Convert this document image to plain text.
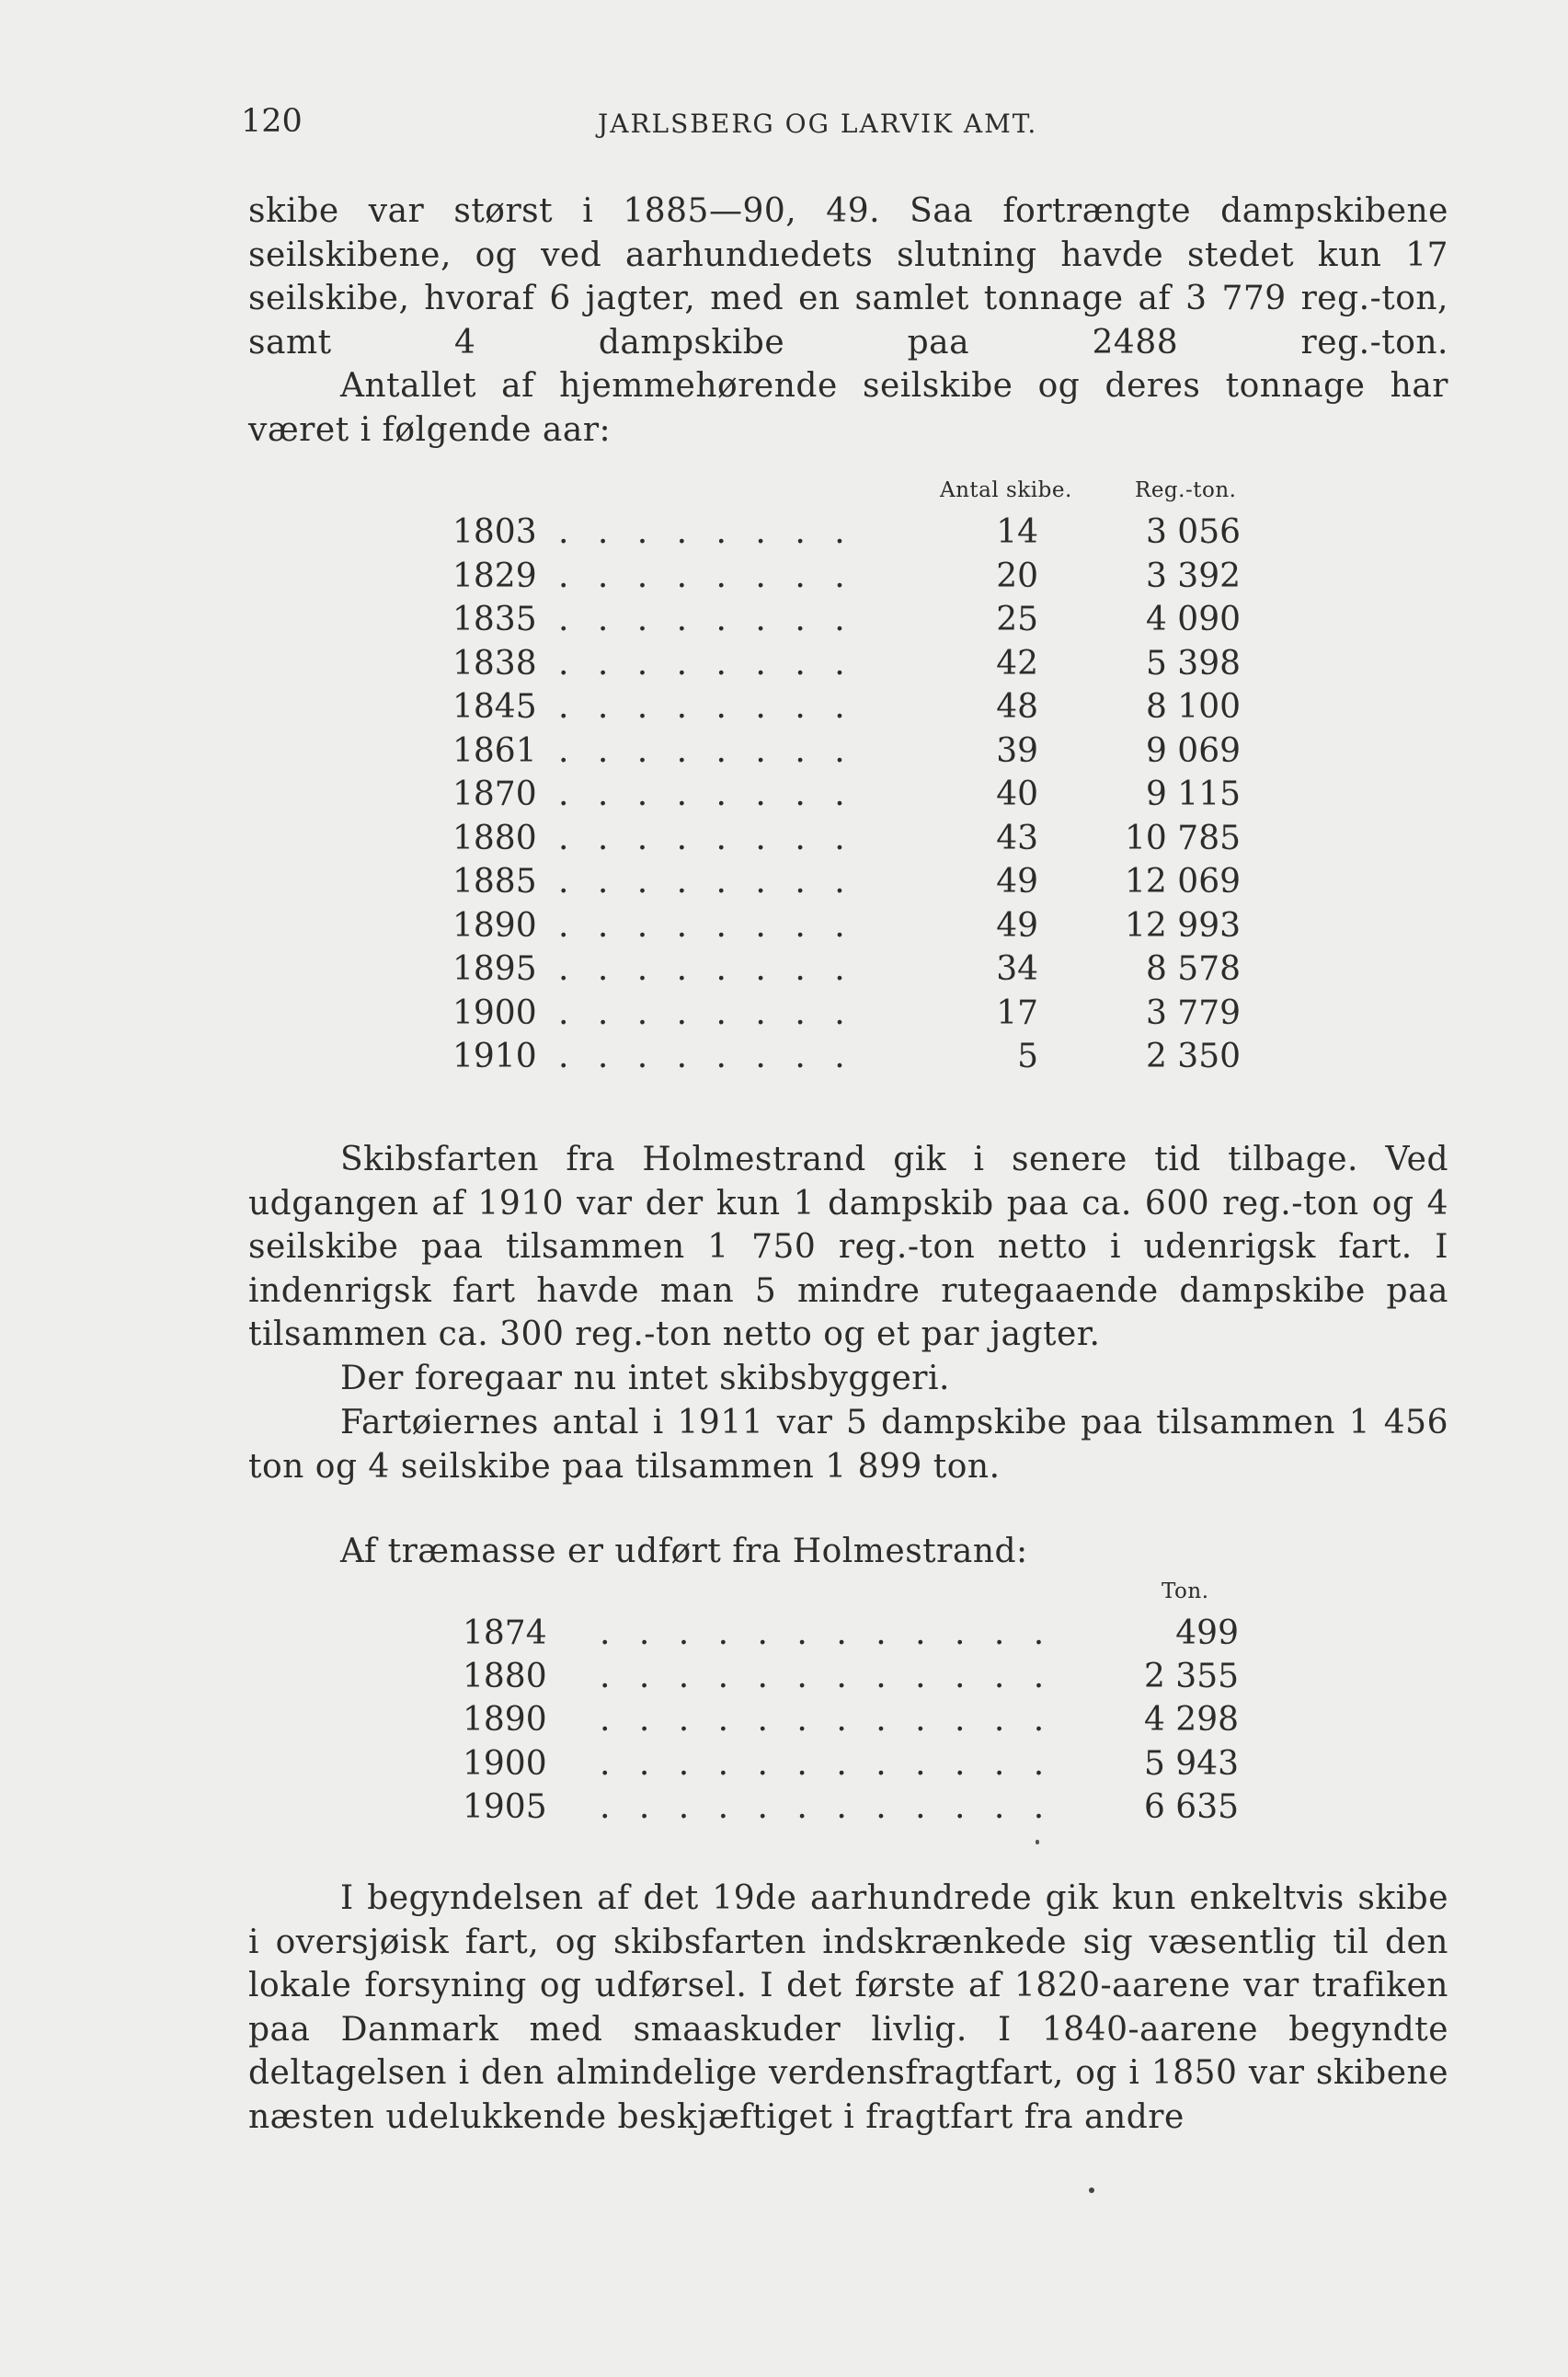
120	JARLSBERG OG LARVIK AMT.

skibe var størst i 1885—90, 49. Saa fortrængte dampskibene seilskibene, og ved aarhundıedets slutning havde stedet kun 17 seilskibe, hvoraf 6 jagter, med en samlet tonnage af 3 779 reg.-ton, samt 4 dampskibe paa 2488 reg.-ton.

Antallet af hjemmehørende seilskibe og deres tonnage har været i følgende aar:

Antal skibe.	Reg.-ton.
1803 . . . . . . . .	14	3 056
1829 . . . . . . . .	20	3 392
1835 . . . . . . . .	25	4 090
1838 . . . . . . . .	42	5 398
1845 . . . . . . . .	48	8 100
1861 . . . . . . . .	39	9 069
1870 . . . . . . . .	40	9 115
1880 . . . . . . . .	43	10 785
1885 . . . . . . . .	49	12 069
1890 . . . . . . . .	49	12 993
1895 . . . . . . . .	34	8 578
1900 . . . . . . . .	17	3 779
1910 . . . . . . . .	5	2 350

Skibsfarten fra Holmestrand gik i senere tid tilbage. Ved udgangen af 1910 var der kun 1 dampskib paa ca. 600 reg.-ton og 4 seilskibe paa tilsammen 1 750 reg.-ton netto i udenrigsk fart. I indenrigsk fart havde man 5 mindre rutegaaende dampskibe paa tilsammen ca. 300 reg.-ton netto og et par jagter.

Der foregaar nu intet skibsbyggeri.

Fartøiernes antal i 1911 var 5 dampskibe paa tilsammen 1 456 ton og 4 seilskibe paa tilsammen 1 899 ton.

Af træmasse er udført fra Holmestrand:

Ton.
1874 . . . . . . . . . . . .	499
1880 . . . . . . . . . . . .	2 355
1890 . . . . . . . . . . . .	4 298
1900 . . . . . . . . . . . .	5 943
1905 . . . . . . . . . . . .	6 635

I begyndelsen af det 19de aarhundrede gik kun enkeltvis skibe i oversjøisk fart, og skibsfarten indskrænkede sig væsentlig til den lokale forsyning og udførsel. I det første af 1820-aarene var trafiken paa Danmark med smaaskuder livlig. I 1840-aarene begyndte deltagelsen i den almindelige verdensfragtfart, og i 1850 var skibene næsten udelukkende beskjæftiget i fragtfart fra andre
